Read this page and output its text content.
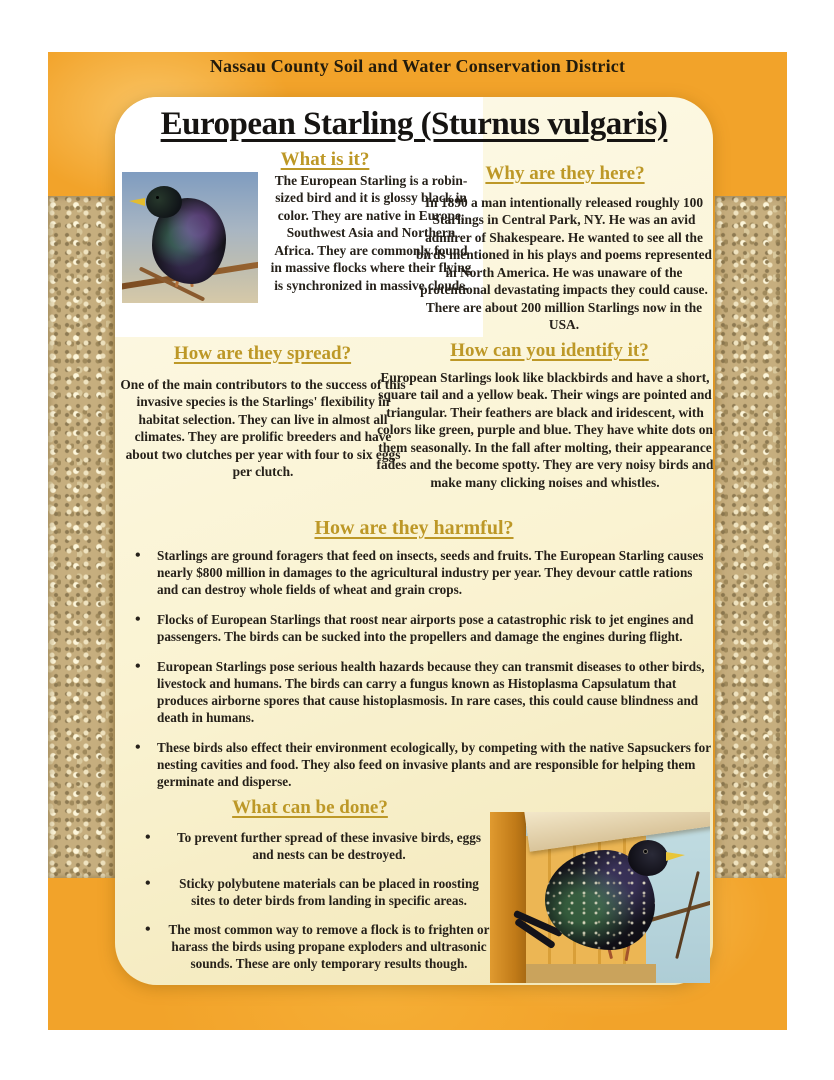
Nassau County Soil and Water Conservation District
European Starling (Sturnus vulgaris)
What is it?
The European Starling is a robin-sized bird and it is glossy black in color. They are native in Europe, Southwest Asia and Northern Africa. They are commonly found in massive flocks where their flying is synchronized in massive clouds.
Why are they here?
In 1890 a man intentionally released roughly 100 Starlings in Central Park, NY. He was an avid admirer of Shakespeare. He wanted to see all the birds mentioned in his plays and poems represented in North America. He was unaware of the protentional devastating impacts they could cause. There are about 200 million Starlings now in the USA.
How are they spread?
One of the main contributors to the success of this invasive species is the Starlings' flexibility in habitat selection. They can live in almost all climates. They are prolific breeders and have about two clutches per year with four to six eggs per clutch.
How can you identify it?
European Starlings look like blackbirds and have a short, square tail and a yellow beak. Their wings are pointed and triangular. Their feathers are black and iridescent, with colors like green, purple and blue. They have white dots on them seasonally. In the fall after molting, their appearance fades and the become spotty. They are very noisy birds and make many clicking noises and whistles.
How are they harmful?
• Starlings are ground foragers that feed on insects, seeds and fruits. The European Starling causes nearly $800 million in damages to the agricultural industry per year. They devour cattle rations and can destroy whole fields of wheat and grain crops.
• Flocks of European Starlings that roost near airports pose a catastrophic risk to jet engines and passengers. The birds can be sucked into the propellers and damage the engines during flight.
• European Starlings pose serious health hazards because they can transmit diseases to other birds, livestock and humans. The birds can carry a fungus known as Histoplasma Capsulatum that produces airborne spores that cause histoplasmosis. In rare cases, this could cause blindness and death in humans.
• These birds also effect their environment ecologically, by competing with the native Sapsuckers for nesting cavities and food. They also feed on invasive plants and are responsible for helping them germinate and disperse.
What can be done?
• To prevent further spread of these invasive birds, eggs and nests can be destroyed.
• Sticky polybutene materials can be placed in roosting sites to deter birds from landing in specific areas.
• The most common way to remove a flock is to frighten or harass the birds using propane exploders and ultrasonic sounds. These are only temporary results though.
